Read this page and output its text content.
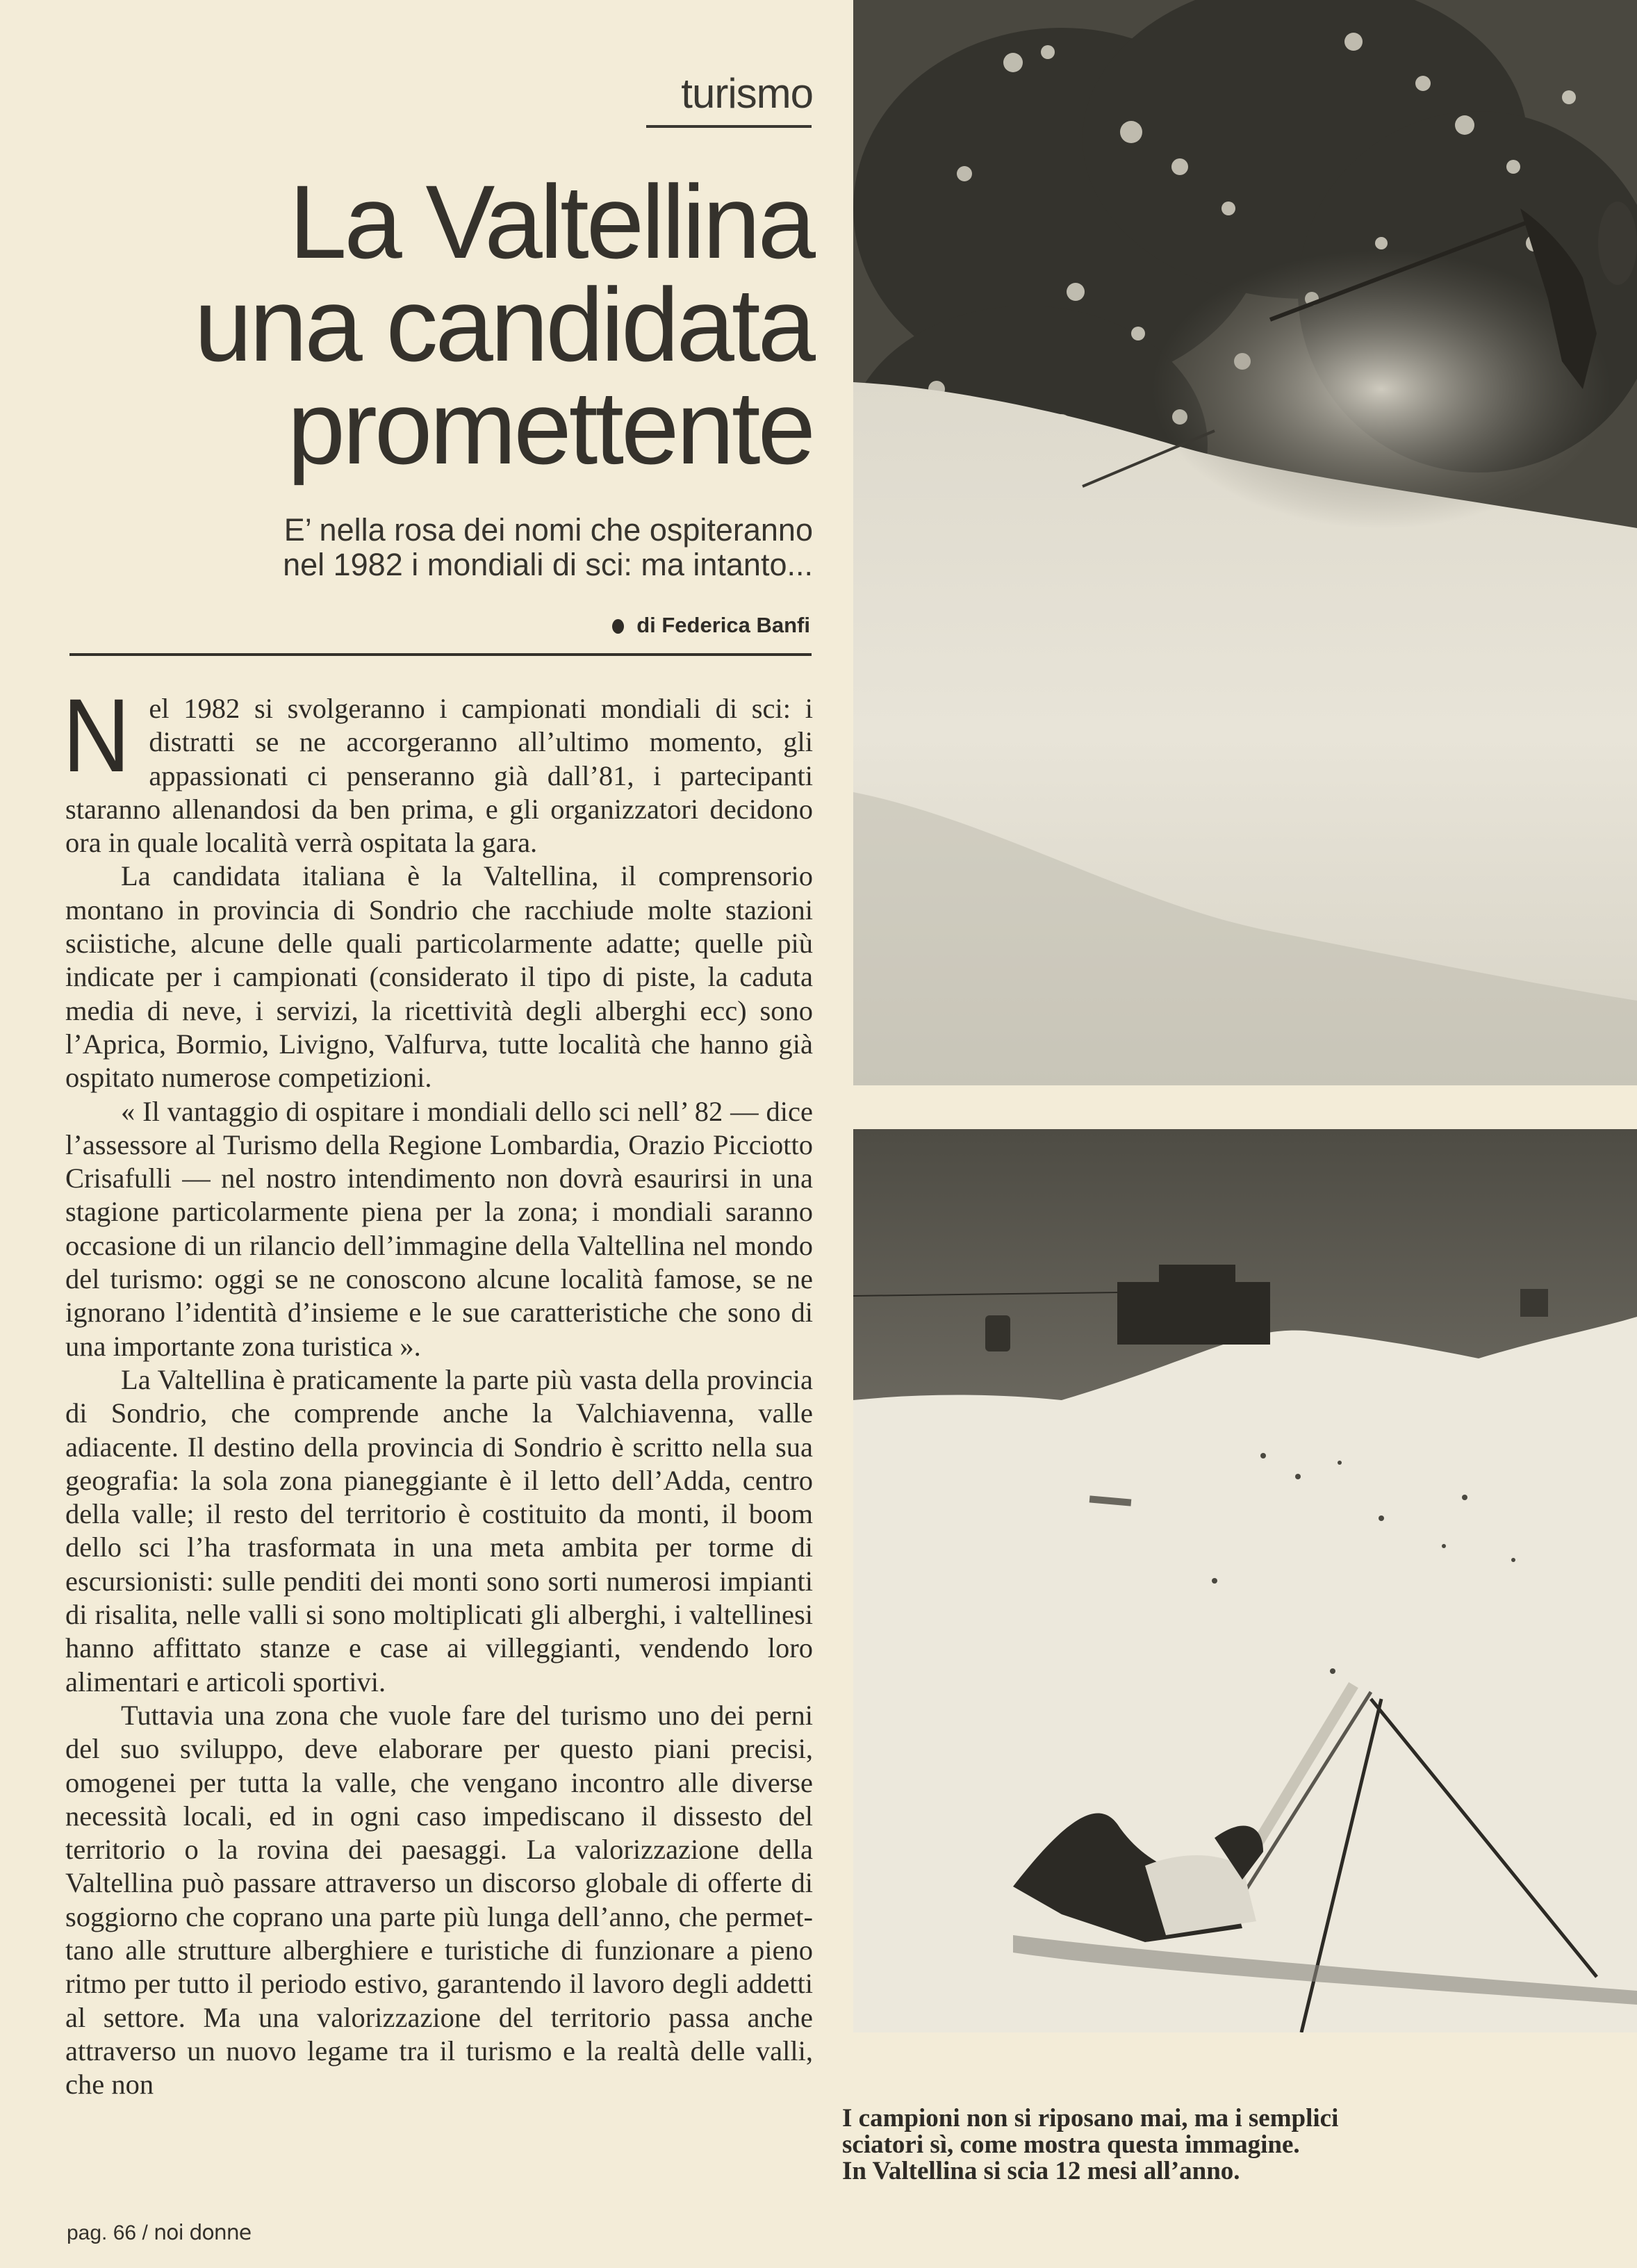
turismo
La Valtellina
una candidata
promettente
E’ nella rosa dei nomi che ospiteranno
nel 1982 i mondiali di sci: ma intanto...
di Federica Banfi

Nel 1982 si svolgeranno i campionati mondiali di sci: i distratti se ne accorgeranno all’ultimo momento, gli appassionati ci penseranno già dall’81, i partecipanti staranno allenandosi da ben prima, e gli organizzatori decidono ora in quale località verrà ospitata la gara.

La candidata italiana è la Valtellina, il comprensorio montano in provincia di Sondrio che racchiude molte stazioni sciistiche, alcune delle quali particolarmente adatte; quelle più indicate per i campionati (considerato il tipo di piste, la caduta media di neve, i servizi, la ricettività degli alberghi ecc) sono l’Aprica, Bormio, Livigno, Valfurva, tutte località che hanno già ospitato numerose competizioni.

« Il vantaggio di ospitare i mondiali dello sci nell’ 82 — dice l’assessore al Turismo della Regione Lombardia, Orazio Picciotto Crisafulli — nel nostro intendimento non dovrà esaurirsi in una stagione particolarmente piena per la zona; i mondiali saranno occasione di un rilancio dell’immagine della Valtellina nel mondo del turismo: oggi se ne conoscono alcune località famose, se ne ignorano l’identità d’insieme e le sue caratteristiche che sono di una importante zona turistica ».

La Valtellina è praticamente la parte più vasta della provincia di Sondrio, che comprende anche la Valchiavenna, valle adiacente. Il destino della provincia di Sondrio è scritto nella sua geografia: la sola zona pianeggiante è il letto dell’Adda, centro della valle; il resto del territorio è costituito da monti, il boom dello sci l’ha trasformata in una meta ambita per torme di escursionisti: sulle penditi dei monti sono sorti numerosi impianti di risalita, nelle valli si sono moltiplicati gli alberghi, i valtellinesi hanno affittato stanze e case ai villeggianti, vendendo loro alimentari e articoli sportivi.

Tuttavia una zona che vuole fare del turismo uno dei perni del suo sviluppo, deve elaborare per questo piani precisi, omogenei per tutta la valle, che vengano incontro alle diverse necessità locali, ed in ogni caso impediscano il dissesto del territorio o la rovina dei paesaggi. La valorizzazione della Valtellina può passare attraverso un discorso globale di offerte di soggiorno che coprano una parte più lunga dell’anno, che permettano alle strutture alberghiere e turistiche di funzionare a pieno ritmo per tutto il periodo estivo, garantendo il lavoro degli addetti al settore. Ma una valorizzazione del territorio passa anche attraverso un nuovo legame tra il turismo e la realtà delle valli, che non

I campioni non si riposano mai, ma i semplici
sciatori sì, come mostra questa immagine.
In Valtellina si scia 12 mesi all’anno.
pag. 66 / noi donne
